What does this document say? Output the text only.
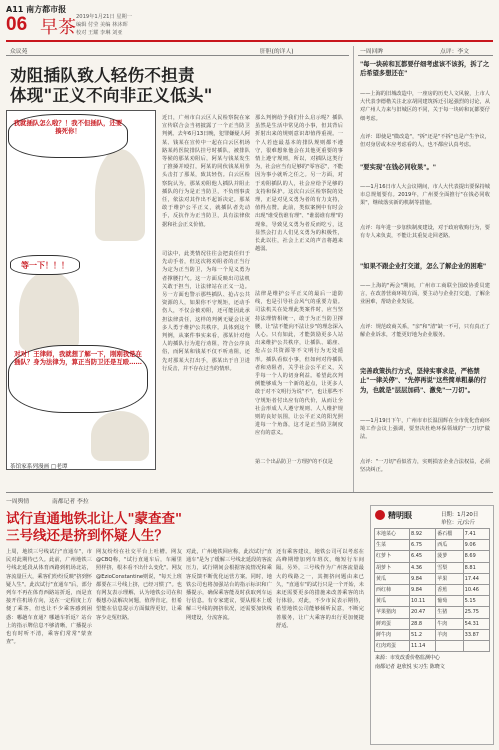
A11 南方都市报
06 早茶 2019年1月21日 星期一
编辑 付莹 美编 林沐晖
校对 王耀 李琳 刘亚
众议苑	肝胆(的详人)
劝阻插队致人轻伤不担责
体现"正义不向非正义低头"
我就插队怎么啦？！我不但插队，还要揍死你！
等一下！！！
对对！王律师，我就想了解一下，刚刚我是在插队？身为法律为，算正当防卫还是互殴……
茶馆家系列漫画 □老谭
近日，广州市白云区人民检察院在家宣传联合会当初披露了一个正当防卫判例。去年6月13日晚，犯罪嫌疑人阿某、钱某在宣传中一起在白云区机场路某药医院排队挂号时插队，被排队等候的那某劝阻后，阿某与钱某发生了推搡并殴打，阿某的同伙钱某用拳头击打了那某，致其轻伤。白云区检察院认为，那某劝阻他人插队并阻止插队的行为是正当防卫，不负刑事责任，依法对其作出不起诉决定。那某敢于维护公平正义，就插队者先动手，反抗作为正当防卫，具有法律依据和社会正义价值。
司法中，此类情况往往会把责任归于先动手者，但这次将劝阻者的正当行为定为正当防卫，为每一个见义勇为者撑腰打气。这一方面反映出司法机关敢于担当，让法律站在正义一边。另一方面也警示那些插队、抢占公共资源的人，如果你不守规矩，还动手伤人，不仅会被劝阻，还可能因此承担法律责任，这样的判例无疑会让更多人勇于维护公共秩序。具体到这个判例，从案件事实来看，那某针对他人的插队行为进行劝阻，符合公序良俗，而阿某和钱某不仅不听劝阻，还先对那某大打出手，那某出于自卫进行反击，并不存在过当的情形。
那么判例给予我们什么启示呢？插队虽然是生活中常见的小事，但其背后折射出来的规则意识却值得重视。一个人若连最基本的排队规则都不遵守，很难想象他会在其他更重要的事情上遵守规则，所以，对插队这类行为，社会应当有足够的"零容忍"，不能因为事小就听之任之。另一方面，对于劝阻插队的人，社会应给予足够的支持和保护。这次白云区检察院的处理，正是对见义勇为者的有力支持，值得点赞。此前，类似案例中有时会出现"谁受伤谁有理"、"谁弱谁有理"的现象，导致见义勇为者反而吃亏，这显然会打击人们见义勇为的积极性，长此以往，社会上正义的声音将越来越弱。
法律是维护公平正义的最后一道防线，也是引导社会风气的重要力量。司法机关在处理此类案件时，应当坚持法理情相统一，敢于为正当防卫撑腰，让"法不能向不法让步"的理念深入人心。只有如此，才能鼓励更多人站出来维护公共秩序，让插队、霸座、抢占公共资源等不文明行为无处遁形。插队看似小事，但如何对待插队者和劝阻者，关乎社会公平正义，关乎每一个人的切身利益。希望此次判例能够成为一个新的起点，让更多人敢于对不文明行为说"不"，也让那些不守规矩者付出应有的代价，从而让全社会形成人人遵守规则、人人维护规则的良好氛围，让公平正义的阳光照进每一个角落，这才是正当防卫制度应有的意义。
第二个出品防卫一方理护的不仅是
一周回眸	点评：李文
"每一块砖和瓦都要仔细考虑该不该拆，拆了之后希望多想还在"
——上海的旧城改造中，一座房的历史人文风貌，上市人大代表李德楷关注北京胡同建筑拆迁引起强烈的讨论，从对广州人力来与旧城区的不同，关于每一块砖和瓦都要仔细考虑。
点评：即使是"微改造"，"拆"还是"不拆"也是产生争议，但对身居或本应考虑看的人，也不都应认真考虑。
"要实现"在钱必同收果"。"
——1月16日市人大会议期间，市人大代表提出要保持城市总规划要有。2019年，广州要全面推行"在钱必同收果"，继续落实新的机制等措施。
点评：每年进一步加快制度建设，对于政府收购行为，要有专人来负责，不能让其重复走回老路。
"如果不跟企业打交道，怎么了解企业的困难"
——上海的"两会"期间，广州市工商联全国政协委员建言，在改善营商环境方面，要主动与企业打交道，了解企业困难，帮助企业发展。
点评：规范政商关系，"亲"和"清"缺一不可，只有真正了解企业诉求，才能更好地为企业服务。
完善政策执行方式，坚持实事求是，严格禁止"一律关停"、"先停再说"这些简单粗暴的行为，也就是"层层加码"、激免"一刀切"。
——1月19日下午，广州市市长温国辉在全市优化营商环境工作会议上强调，要坚决杜绝环保领域的"一刀切"做法。
点评："一刀切"看似省力，实则损害企业合法权益，必须坚决纠正。
一周舆情	南都记者 李拉
试行直通地铁北让人"蒙查查"
三号线还是挤到怀疑人生？
上周，地铁三号线试行"直通车"，市民对此期待已久。此前，广州地铁三号线北延段从体育西路到机场北站，客流量巨大，乘客们纷纷反映"挤到怀疑人生"。此次试行"直通车"后，部分列车不再在体育西路站折返，而是直接开往机场方向，这在一定程度上方便了乘客，但也让不少乘客感到困惑：哪趟车直通？哪趟车折返？站台上的指示牌信息不够清晰，广播提示也有时听不清，乘客们常常"蒙查查"。
网友纷纷在社交平台上吐槽。网友@CBQ称，"试行直通车后，车厢里照样挤，根本看不出什么变化"。网友@EzioConstantine则说，"每天上班都要在三号线上挤，已经习惯了"。也有网友表示理解，认为地铁公司在积极想办法解决问题，值得肯定，但希望能在信息提示方面做得更好，让乘客少走冤枉路。
对此，广州地铁回应称，此次试行"直通车"是为了缓解三号线北延段的客流压力，试行期间会根据客流情况和乘客反馈不断优化运营方案。同时，地铁公司也将加强站台的指示标识和广播提示，确保乘客能及时获取列车运行信息。有专家建议，要从根本上缓解三号线的拥挤状况，还需要加快线网建设，分流客流。
还有乘客建议，地铁公司可以考虑在高峰期增加列车班次，缩短行车间隔。另外，三号线作为广州客流量最大的线路之一，其拥挤问题由来已久，"直通车"的试行只是一个开始，未来还需要更多的措施来改善乘客的出行体验。对此，不少市民表示期待，希望地铁公司能够倾听民意，不断完善服务，让广大乘客的出行更加便捷舒适。
精明眼	日期：1月20日
单位：元/公斤
本地菜心	8.92	番石榴	7.41
生菜	6.75	西瓜	9.06
红萝卜	6.45	菠萝	8.69
胡萝卜	4.36	雪梨	8.81
黄瓜	9.84	苹果	17.44
西红柿	9.84	香蕉	10.46
黄瓜	10.11	葡萄	5.15
苹果猪肉	20.47	生猪	25.75
鲜鸡蛋	28.8	牛肉	54.31
鲜牛肉	51.2	羊肉	33.87
红肉鸡蛋	11.14		
来源：市发改委价格监测中心
南都记者 赵欣悦 实习生 陈晓文
